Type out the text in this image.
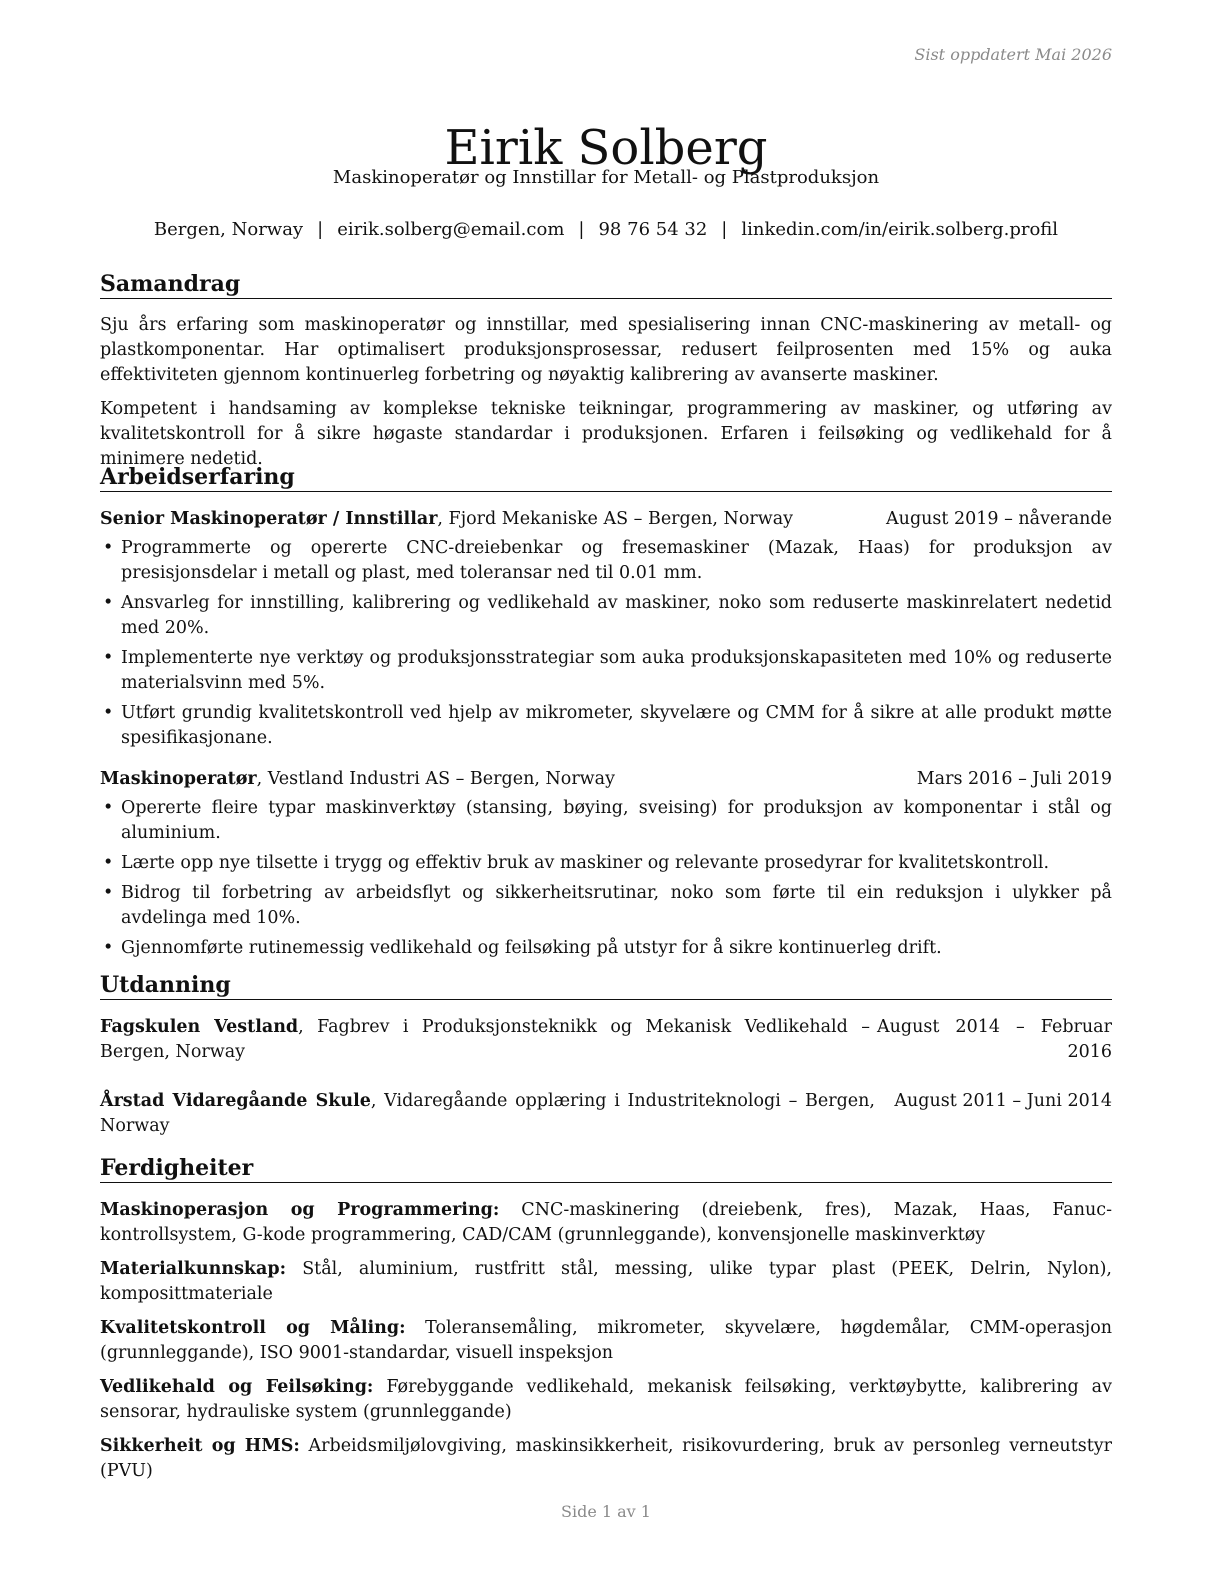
Sist oppdatert Mai 2026
Eirik Solberg
Maskinoperatør og Innstillar for Metall- og Plastproduksjon
Bergen, Norway | eirik.solberg@email.com | 98 76 54 32 | linkedin.com/in/eirik.solberg.profil
Samandrag

Sju års erfaring som maskinoperatør og innstillar, med spesialisering innan CNC-maskinering av metall- og plastkomponentar. Har optimalisert produksjonsprosessar, redusert feilprosenten med 15% og auka effektiviteten gjennom kontinuerleg forbetring og nøyaktig kalibrering av avanserte maskiner.

Kompetent i handsaming av komplekse tekniske teikningar, programmering av maskiner, og utføring av kvalitetskontroll for å sikre høgaste standardar i produksjonen. Erfaren i feilsøking og vedlikehald for å minimere nedetid.

Arbeidserfaring
Senior Maskinoperatør / Innstillar, Fjord Mekaniske AS – Bergen, Norway	August 2019 – nåverande
• Programmerte og opererte CNC-dreiebenkar og fresemaskiner (Mazak, Haas) for produksjon av presisjonsdelar i metall og plast, med toleransar ned til 0.01 mm.
• Ansvarleg for innstilling, kalibrering og vedlikehald av maskiner, noko som reduserte maskinrelatert nedetid med 20%.
• Implementerte nye verktøy og produksjonsstrategiar som auka produksjonskapasiteten med 10% og reduserte materialsvinn med 5%.
• Utført grundig kvalitetskontroll ved hjelp av mikrometer, skyvelære og CMM for å sikre at alle produkt møtte spesifikasjonane.
Maskinoperatør, Vestland Industri AS – Bergen, Norway	Mars 2016 – Juli 2019
• Opererte fleire typar maskinverktøy (stansing, bøying, sveising) for produksjon av komponentar i stål og aluminium.
• Lærte opp nye tilsette i trygg og effektiv bruk av maskiner og relevante prosedyrar for kvalitetskontroll.
• Bidrog til forbetring av arbeidsflyt og sikkerheitsrutinar, noko som førte til ein reduksjon i ulykker på avdelinga med 10%.
• Gjennomførte rutinemessig vedlikehald og feilsøking på utstyr for å sikre kontinuerleg drift.
Utdanning
Fagskulen Vestland, Fagbrev i Produksjonsteknikk og Mekanisk Vedlikehald – Bergen, Norway
August 2014 – Februar 2016
Årstad Vidaregåande Skule, Vidaregåande opplæring i Industriteknologi – Bergen, Norway
August 2011 – Juni 2014
Ferdigheiter
Maskinoperasjon og Programmering: CNC-maskinering (dreiebenk, fres), Mazak, Haas, Fanuc-kontrollsystem, G-kode programmering, CAD/CAM (grunnleggande), konvensjonelle maskinverktøy
Materialkunnskap: Stål, aluminium, rustfritt stål, messing, ulike typar plast (PEEK, Delrin, Nylon), komposittmateriale
Kvalitetskontroll og Måling: Toleransemåling, mikrometer, skyvelære, høgdemålar, CMM-operasjon (grunnleggande), ISO 9001-standardar, visuell inspeksjon
Vedlikehald og Feilsøking: Førebyggande vedlikehald, mekanisk feilsøking, verktøybytte, kalibrering av sensorar, hydrauliske system (grunnleggande)
Sikkerheit og HMS: Arbeidsmiljølovgiving, maskinsikkerheit, risikovurdering, bruk av personleg verneutstyr (PVU)
Side 1 av 1
